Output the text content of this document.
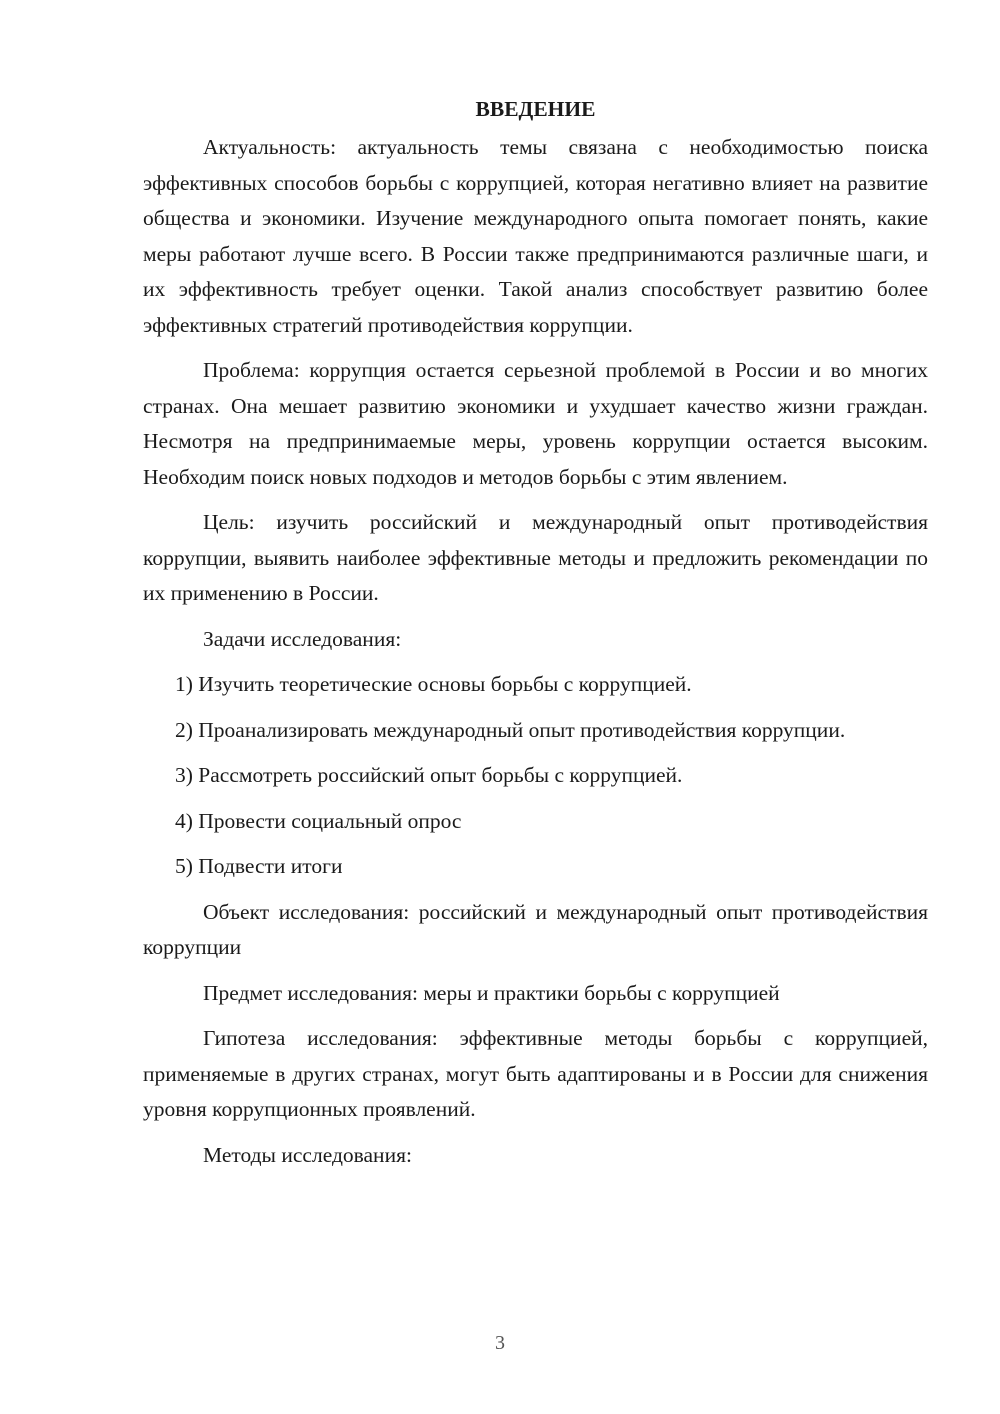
ВВЕДЕНИЕ

Актуальность: актуальность темы связана с необходимостью поиска эффективных способов борьбы с коррупцией, которая негативно влияет на развитие общества и экономики. Изучение международного опыта помогает понять, какие меры работают лучше всего. В России также предпринимаются различные шаги, и их эффективность требует оценки. Такой анализ способствует развитию более эффективных стратегий противодействия коррупции.

Проблема: коррупция остается серьезной проблемой в России и во многих странах. Она мешает развитию экономики и ухудшает качество жизни граждан. Несмотря на предпринимаемые меры, уровень коррупции остается высоким. Необходим поиск новых подходов и методов борьбы с этим явлением.

Цель: изучить российский и международный опыт противодействия коррупции, выявить наиболее эффективные методы и предложить рекомендации по их применению в России.

Задачи исследования:

1) Изучить теоретические основы борьбы с коррупцией.

2) Проанализировать международный опыт противодействия коррупции.

3) Рассмотреть российский опыт борьбы с коррупцией.

4) Провести социальный опрос

5) Подвести итоги

Объект исследования: российский и международный опыт противодействия коррупции

Предмет исследования: меры и практики борьбы с коррупцией

Гипотеза исследования: эффективные методы борьбы с коррупцией, применяемые в других странах, могут быть адаптированы и в России для снижения уровня коррупционных проявлений.

Методы исследования:

3
